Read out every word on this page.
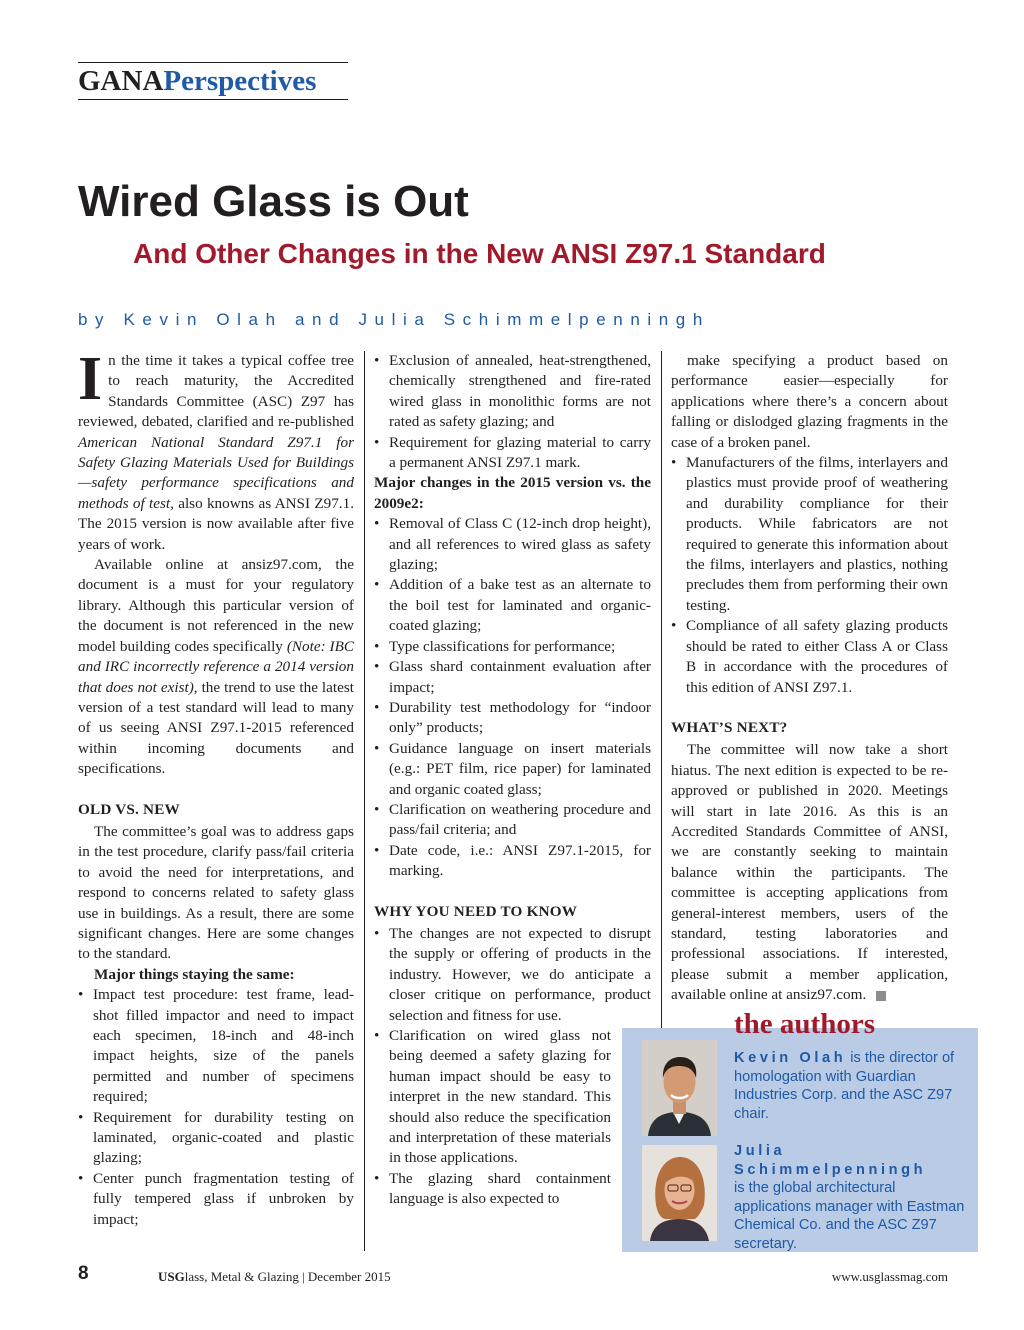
GANAPerspectives
Wired Glass is Out
And Other Changes in the New ANSI Z97.1 Standard
by Kevin Olah and Julia Schimmelpenningh

In the time it takes a typical coffee tree to reach maturity, the Accredited Standards Committee (ASC) Z97 has reviewed, debated, clarified and re-published American National Standard Z97.1 for Safety Glazing Materials Used for Buildings—safety performance specifications and methods of test, also knowns as ANSI Z97.1. The 2015 version is now available after five years of work.

Available online at ansiz97.com, the document is a must for your regulatory library. Although this particular version of the document is not referenced in the new model building codes specifically (Note: IBC and IRC incorrectly reference a 2014 version that does not exist), the trend to use the latest version of a test standard will lead to many of us seeing ANSI Z97.1-2015 referenced within incoming documents and specifications.

OLD VS. NEW

The committee’s goal was to address gaps in the test procedure, clarify pass/fail criteria to avoid the need for interpretations, and respond to concerns related to safety glass use in buildings. As a result, there are some significant changes. Here are some changes to the standard.

Major things staying the same:

• Impact test procedure: test frame, lead-shot filled impactor and need to impact each specimen, 18-inch and 48-inch impact heights, size of the panels permitted and number of specimens required;

• Requirement for durability testing on laminated, organic-coated and plastic glazing;

• Center punch fragmentation testing of fully tempered glass if unbroken by impact;

• Exclusion of annealed, heat-strengthened, chemically strengthened and fire-rated wired glass in monolithic forms are not rated as safety glazing; and

• Requirement for glazing material to carry a permanent ANSI Z97.1 mark.

Major changes in the 2015 version vs. the 2009e2:

• Removal of Class C (12-inch drop height), and all references to wired glass as safety glazing;

• Addition of a bake test as an alternate to the boil test for laminated and organic-coated glazing;

• Type classifications for performance;

• Glass shard containment evaluation after impact;

• Durability test methodology for “indoor only” products;

• Guidance language on insert materials (e.g.: PET film, rice paper) for laminated and organic coated glass;

• Clarification on weathering procedure and pass/fail criteria; and

• Date code, i.e.: ANSI Z97.1-2015, for marking.

WHY YOU NEED TO KNOW

• The changes are not expected to disrupt the supply or offering of products in the industry. However, we do anticipate a closer critique on performance, product selection and fitness for use.

• Clarification on wired glass not being deemed a safety glazing for human impact should be easy to interpret in the new standard. This should also reduce the specification and interpretation of these materials in those applications.

• The glazing shard containment language is also expected to

make specifying a product based on performance easier—especially for applications where there’s a concern about falling or dislodged glazing fragments in the case of a broken panel.

• Manufacturers of the films, interlayers and plastics must provide proof of weathering and durability compliance for their products. While fabricators are not required to generate this information about the films, interlayers and plastics, nothing precludes them from performing their own testing.

• Compliance of all safety glazing products should be rated to either Class A or Class B in accordance with the procedures of this edition of ANSI Z97.1.

WHAT’S NEXT?

The committee will now take a short hiatus. The next edition is expected to be re-approved or published in 2020. Meetings will start in late 2016. As this is an Accredited Standards Committee of ANSI, we are constantly seeking to maintain balance within the participants. The committee is accepting applications from general-interest members, users of the standard, testing laboratories and professional associations. If interested, please submit a member application, available online at ansiz97.com.

the authors
Kevin Olah is the director of homologation with Guardian Industries Corp. and the ASC Z97 chair.
Julia Schimmelpenningh
is the global architectural applications manager with Eastman Chemical Co. and the ASC Z97 secretary.
8	USGlass, Metal & Glazing | December 2015	www.usglassmag.com
